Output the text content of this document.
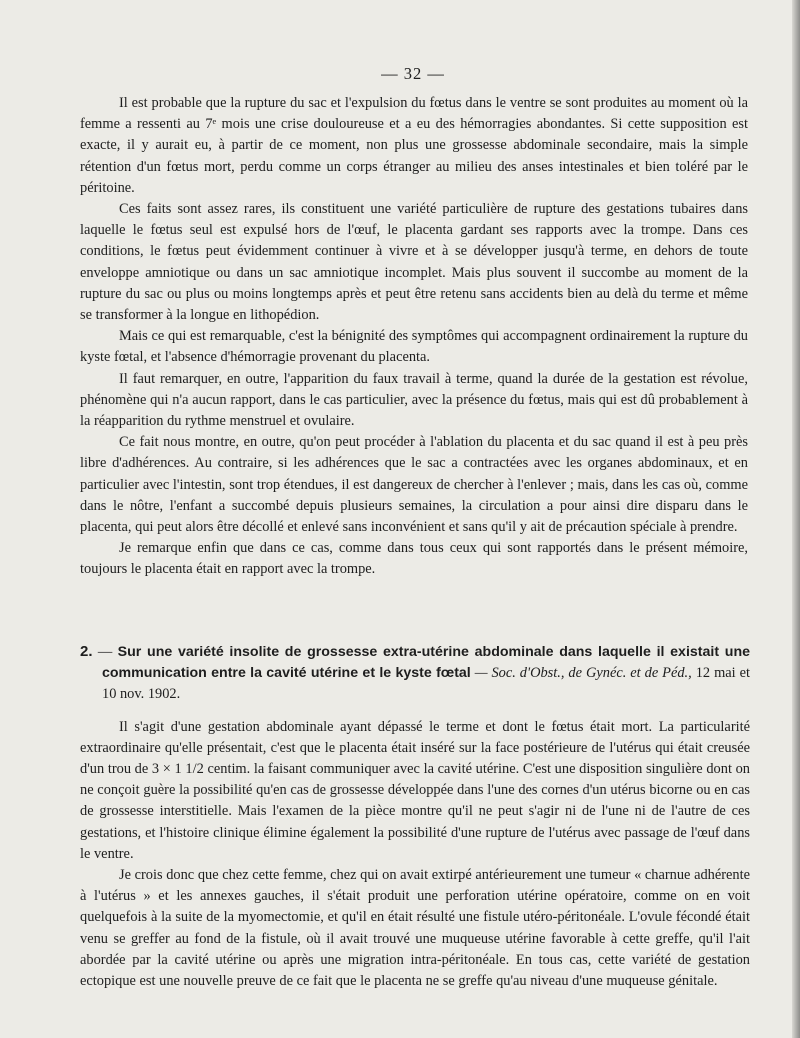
— 32 —

Il est probable que la rupture du sac et l'expulsion du fœtus dans le ventre se sont produites au moment où la femme a ressenti au 7ᵉ mois une crise douloureuse et a eu des hémorragies abondantes. Si cette supposition est exacte, il y aurait eu, à partir de ce moment, non plus une grossesse abdominale secondaire, mais la simple rétention d'un fœtus mort, perdu comme un corps étranger au milieu des anses intestinales et bien toléré par le péritoine.

Ces faits sont assez rares, ils constituent une variété particulière de rupture des gestations tubaires dans laquelle le fœtus seul est expulsé hors de l'œuf, le placenta gardant ses rapports avec la trompe. Dans ces conditions, le fœtus peut évidemment continuer à vivre et à se développer jusqu'à terme, en dehors de toute enveloppe amniotique ou dans un sac amniotique incomplet. Mais plus souvent il succombe au moment de la rupture du sac ou plus ou moins longtemps après et peut être retenu sans accidents bien au delà du terme et même se transformer à la longue en lithopédion.

Mais ce qui est remarquable, c'est la bénignité des symptômes qui accompagnent ordinairement la rupture du kyste fœtal, et l'absence d'hémorragie provenant du placenta.

Il faut remarquer, en outre, l'apparition du faux travail à terme, quand la durée de la gestation est révolue, phénomène qui n'a aucun rapport, dans le cas particulier, avec la présence du fœtus, mais qui est dû probablement à la réapparition du rythme menstruel et ovulaire.

Ce fait nous montre, en outre, qu'on peut procéder à l'ablation du placenta et du sac quand il est à peu près libre d'adhérences. Au contraire, si les adhérences que le sac a contractées avec les organes abdominaux, et en particulier avec l'intestin, sont trop étendues, il est dangereux de chercher à l'enlever ; mais, dans les cas où, comme dans le nôtre, l'enfant a succombé depuis plusieurs semaines, la circulation a pour ainsi dire disparu dans le placenta, qui peut alors être décollé et enlevé sans inconvénient et sans qu'il y ait de précaution spéciale à prendre.

Je remarque enfin que dans ce cas, comme dans tous ceux qui sont rapportés dans le présent mémoire, toujours le placenta était en rapport avec la trompe.

2. — Sur une variété insolite de grossesse extra-utérine abdominale dans laquelle il existait une communication entre la cavité utérine et le kyste fœtal — Soc. d'Obst., de Gynéc. et de Péd., 12 mai et 10 nov. 1902.

Il s'agit d'une gestation abdominale ayant dépassé le terme et dont le fœtus était mort. La particularité extraordinaire qu'elle présentait, c'est que le placenta était inséré sur la face postérieure de l'utérus qui était creusée d'un trou de 3 × 1 1/2 centim. la faisant communiquer avec la cavité utérine. C'est une disposition singulière dont on ne conçoit guère la possibilité qu'en cas de grossesse développée dans l'une des cornes d'un utérus bicorne ou en cas de grossesse interstitielle. Mais l'examen de la pièce montre qu'il ne peut s'agir ni de l'une ni de l'autre de ces gestations, et l'histoire clinique élimine également la possibilité d'une rupture de l'utérus avec passage de l'œuf dans le ventre.

Je crois donc que chez cette femme, chez qui on avait extirpé antérieurement une tumeur « charnue adhérente à l'utérus » et les annexes gauches, il s'était produit une perforation utérine opératoire, comme on en voit quelquefois à la suite de la myomectomie, et qu'il en était résulté une fistule utéro-péritonéale. L'ovule fécondé était venu se greffer au fond de la fistule, où il avait trouvé une muqueuse utérine favorable à cette greffe, qu'il l'ait abordée par la cavité utérine ou après une migration intra-péritonéale. En tous cas, cette variété de gestation ectopique est une nouvelle preuve de ce fait que le placenta ne se greffe qu'au niveau d'une muqueuse génitale.
